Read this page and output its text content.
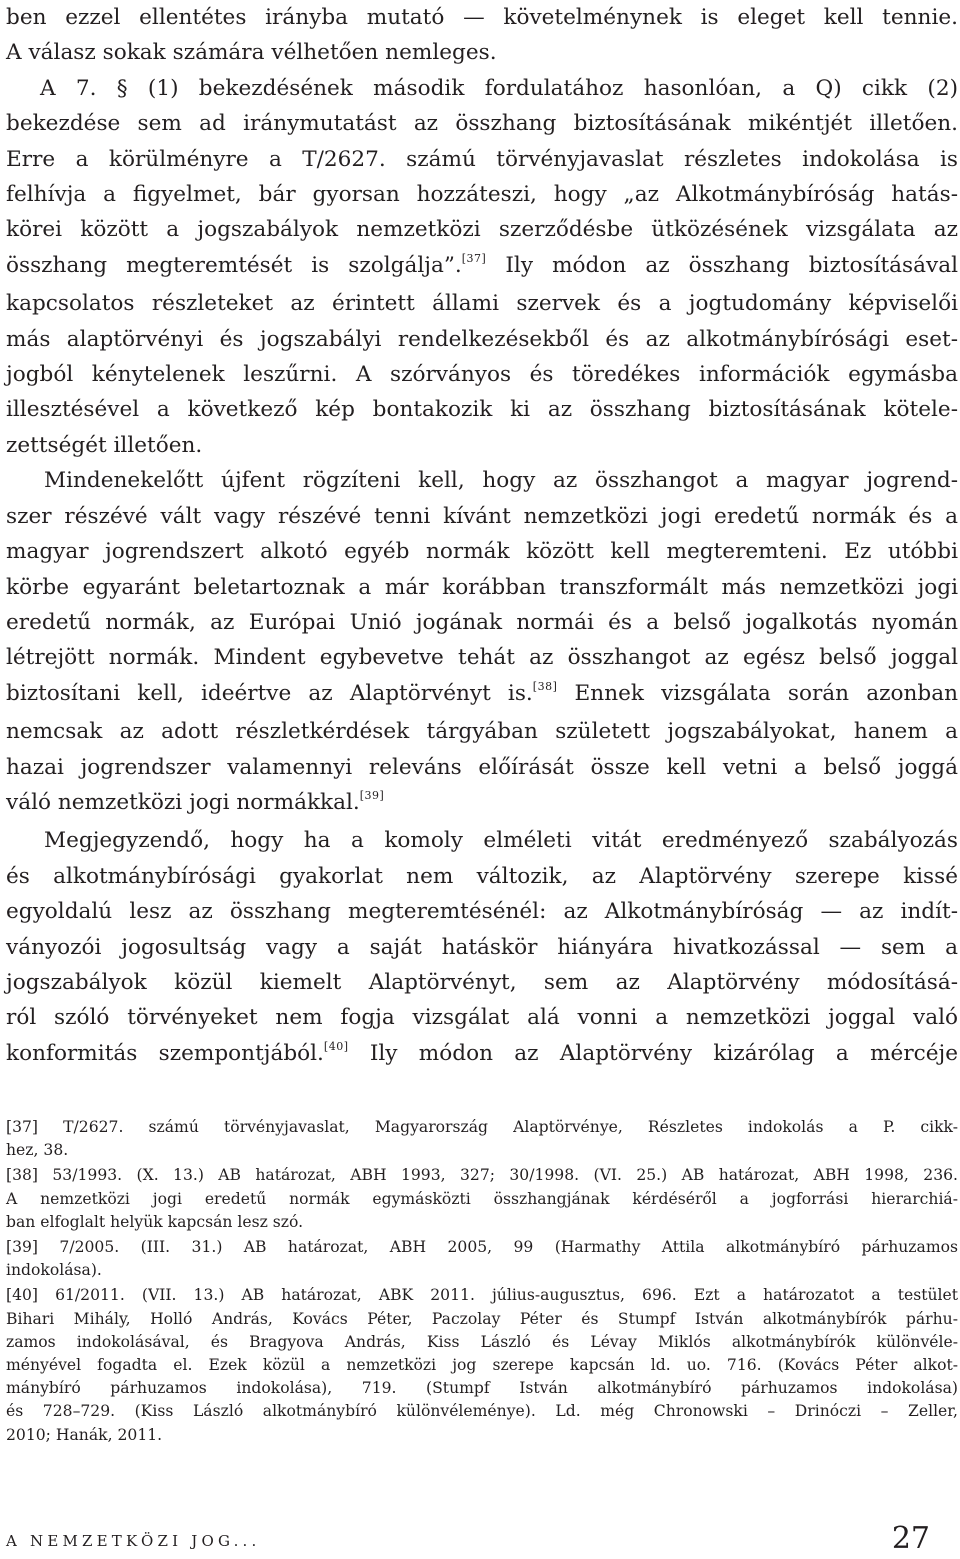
ben ezzel ellentétes irányba mutató — követelménynek is eleget kell tennie.
A válasz sokak számára vélhetően nemleges.

A 7. § (1) bekezdésének második fordulatához hasonlóan, a Q) cikk (2)
bekezdése sem ad iránymutatást az összhang biztosításának mikéntjét illetően.
Erre a körülményre a T/2627. számú törvényjavaslat részletes indokolása is
felhívja a figyelmet, bár gyorsan hozzáteszi, hogy „az Alkotmánybíróság hatás-
körei között a jogszabályok nemzetközi szerződésbe ütközésének vizsgálata az
összhang megteremtését is szolgálja”.[37] Ily módon az összhang biztosításával
kapcsolatos részleteket az érintett állami szervek és a jogtudomány képviselői
más alaptörvényi és jogszabályi rendelkezésekből és az alkotmánybírósági eset-
jogból kénytelenek leszűrni. A szórványos és töredékes információk egymásba
illesztésével a következő kép bontakozik ki az összhang biztosításának kötele-
zettségét illetően.

Mindenekelőtt újfent rögzíteni kell, hogy az összhangot a magyar jogrend-
szer részévé vált vagy részévé tenni kívánt nemzetközi jogi eredetű normák és a
magyar jogrendszert alkotó egyéb normák között kell megteremteni. Ez utóbbi
körbe egyaránt beletartoznak a már korábban transzformált más nemzetközi jogi
eredetű normák, az Európai Unió jogának normái és a belső jogalkotás nyomán
létrejött normák. Mindent egybevetve tehát az összhangot az egész belső joggal
biztosítani kell, ideértve az Alaptörvényt is.[38] Ennek vizsgálata során azonban
nemcsak az adott részletkérdések tárgyában született jogszabályokat, hanem a
hazai jogrendszer valamennyi releváns előírását össze kell vetni a belső joggá
váló nemzetközi jogi normákkal.[39]

Megjegyzendő, hogy ha a komoly elméleti vitát eredményező szabályozás
és alkotmánybírósági gyakorlat nem változik, az Alaptörvény szerepe kissé
egyoldalú lesz az összhang megteremtésénél: az Alkotmánybíróság — az indít-
ványozói jogosultság vagy a saját hatáskör hiányára hivatkozással — sem a
jogszabályok közül kiemelt Alaptörvényt, sem az Alaptörvény módosításá-
ról szóló törvényeket nem fogja vizsgálat alá vonni a nemzetközi joggal való
konformitás szempontjából.[40] Ily módon az Alaptörvény kizárólag a mércéje

[37] T/2627. számú törvényjavaslat, Magyarország Alaptörvénye, Részletes indokolás a P. cikk-
hez, 38.
[38] 53/1993. (X. 13.) AB határozat, ABH 1993, 327; 30/1998. (VI. 25.) AB határozat, ABH 1998, 236.
A nemzetközi jogi eredetű normák egymásközti összhangjának kérdéséről a jogforrási hierarchiá-
ban elfoglalt helyük kapcsán lesz szó.
[39] 7/2005. (III. 31.) AB határozat, ABH 2005, 99 (Harmathy Attila alkotmánybíró párhuzamos
indokolása).
[40] 61/2011. (VII. 13.) AB határozat, ABK 2011. július-augusztus, 696. Ezt a határozatot a testület
Bihari Mihály, Holló András, Kovács Péter, Paczolay Péter és Stumpf István alkotmánybírók párhu-
zamos indokolásával, és Bragyova András, Kiss László és Lévay Miklós alkotmánybírók különvéle-
ményével fogadta el. Ezek közül a nemzetközi jog szerepe kapcsán ld. uo. 716. (Kovács Péter alkot-
mánybíró párhuzamos indokolása), 719. (Stumpf István alkotmánybíró párhuzamos indokolása)
és 728–729. (Kiss László alkotmánybíró különvéleménye). Ld. még Chronowski – Drinóczi – Zeller,
2010; Hanák, 2011.
A NEMZETKÖZI JOG...	27
